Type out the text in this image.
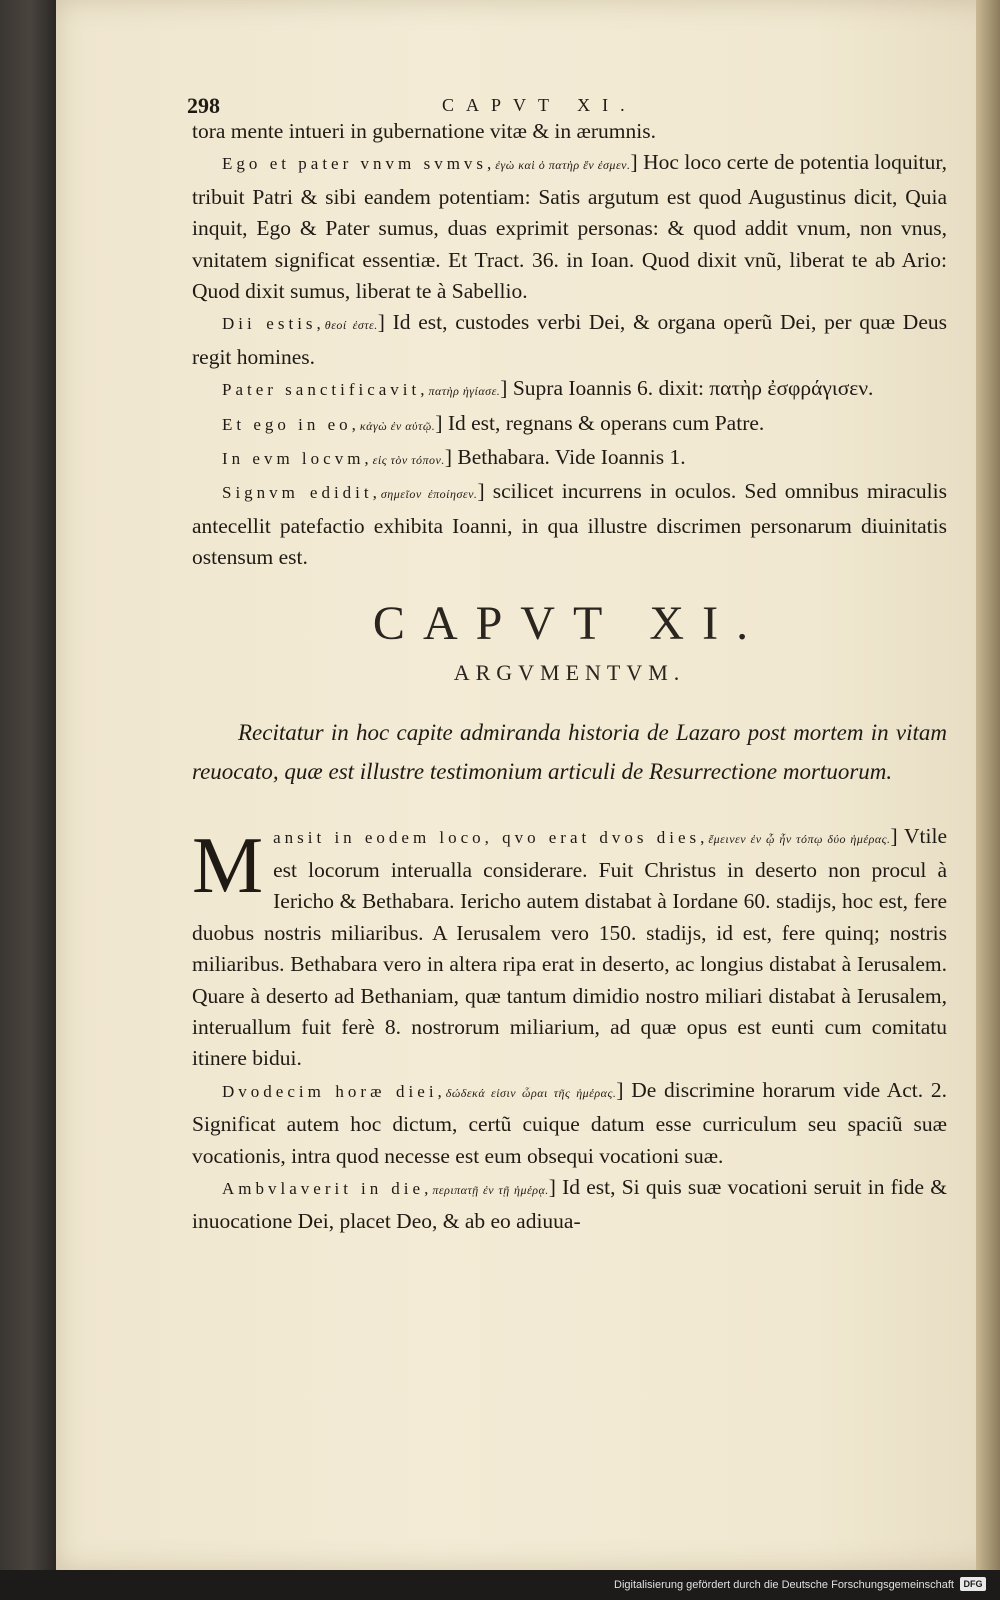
298	CAPVT XI.

tora mente intueri in gubernatione vitæ & in ærumnis.

Ego et pater vnvm svmvs,ἐγὼ καὶ ὁ πατὴρ ἕν ἐσμεν.] Hoc loco certe de potentia loquitur, tribuit Patri & sibi eandem potentiam: Satis argutum est quod Augustinus dicit, Quia inquit, Ego & Pater sumus, duas exprimit personas: & quod addit vnum, non vnus, vnitatem significat essentiæ. Et Tract. 36. in Ioan. Quod dixit vnũ, liberat te ab Ario: Quod dixit sumus, liberat te à Sabellio.

Dii estis,θεοί ἐστε.] Id est, custodes verbi Dei, & organa operũ Dei, per quæ Deus regit homines.

Pater sanctificavit,πατὴρ ἡγίασε.] Supra Ioannis 6. dixit: πατὴρ ἐσφράγισεν.

Et ego in eo,κἀγὼ ἐν αὐτῷ.] Id est, regnans & operans cum Patre.

In evm locvm,εἰς τὸν τόπον.] Bethabara. Vide Ioannis 1.

Signvm edidit,σημεῖον ἐποίησεν.] scilicet incurrens in oculos. Sed omnibus miraculis antecellit patefactio exhibita Ioanni, in qua illustre discrimen personarum diuinitatis ostensum est.

CAPVT XI.
ARGVMENTVM.

Recitatur in hoc capite admiranda historia de Lazaro post mortem in vitam reuocato, quæ est illustre testimonium articuli de Resurrectione mortuorum.

Mansit in eodem loco, qvo erat dvos dies,ἔμεινεν ἐν ᾧ ἦν τόπῳ δύο ἡμέρας.] Vtile est locorum interualla considerare. Fuit Christus in deserto non procul à Iericho & Bethabara. Iericho autem distabat à Iordane 60. stadijs, hoc est, fere duobus nostris miliaribus. A Ierusalem vero 150. stadijs, id est, fere quinq; nostris miliaribus. Bethabara vero in altera ripa erat in deserto, ac longius distabat à Ierusalem. Quare à deserto ad Bethaniam, quæ tantum dimidio nostro miliari distabat à Ierusalem, interuallum fuit ferè 8. nostrorum miliarium, ad quæ opus est eunti cum comitatu itinere bidui.

Dvodecim horæ diei,δώδεκά εἰσιν ὧραι τῆς ἡμέρας.] De discrimine horarum vide Act. 2. Significat autem hoc dictum, certũ cuique datum esse curriculum seu spaciũ suæ vocationis, intra quod necesse est eum obsequi vocationi suæ.

Ambvlaverit in die,περιπατῇ ἐν τῇ ἡμέρᾳ.] Id est, Si quis suæ vocationi seruit in fide & inuocatione Dei, placet Deo, & ab eo adiuua-

Digitalisierung gefördert durch die Deutsche Forschungsgemeinschaft	DFG
